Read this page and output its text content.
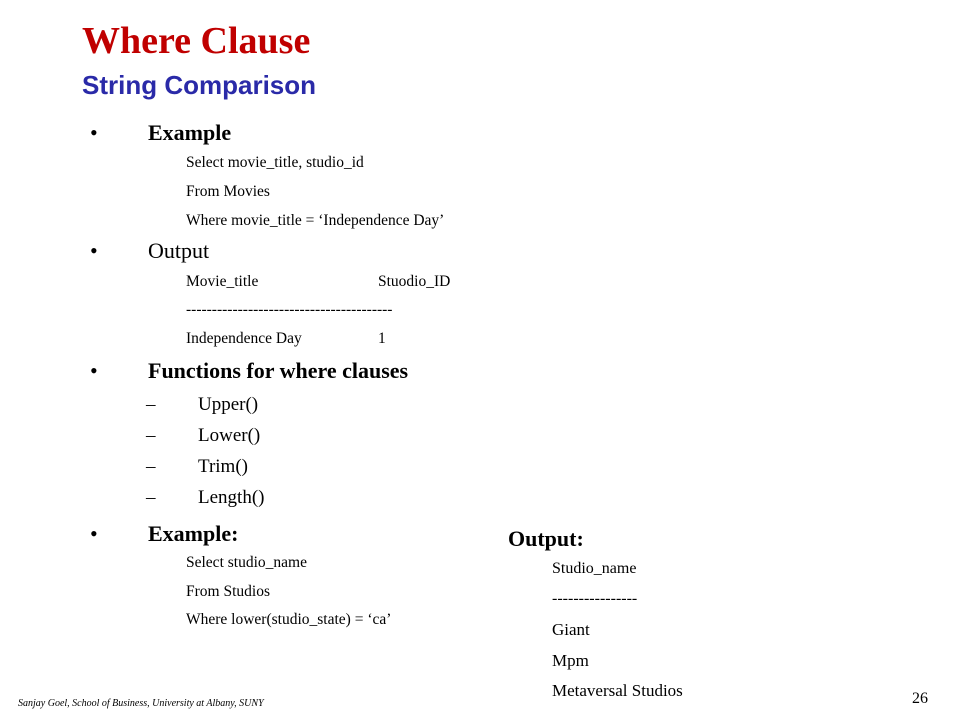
Where Clause
String Comparison
• Example
Select movie_title, studio_id
From Movies
Where movie_title = ‘Independence Day’
• Output
Movie_title	Stuodio_ID
----------------------------------------
Independence Day	1
• Functions for where clauses
– Upper()
– Lower()
– Trim()
– Length()
• Example:
Select studio_name
From Studios
Where lower(studio_state) = ‘ca’
Output:
Studio_name
----------------
Giant
Mpm
Metaversal Studios
Sanjay Goel, School of Business, University at Albany, SUNY	26
